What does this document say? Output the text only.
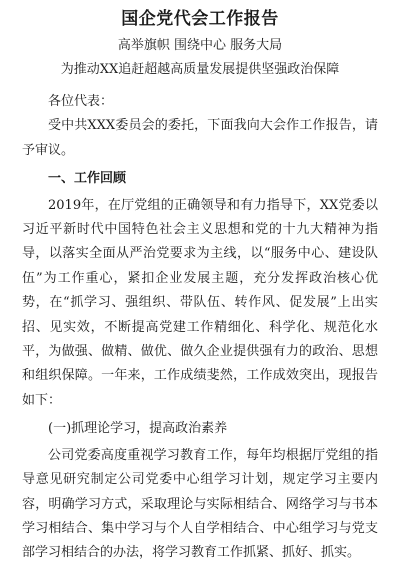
国企党代会工作报告
高举旗帜 围绕中心 服务大局
为推动XX追赶超越高质量发展提供坚强政治保障

各位代表：

受中共XXX委员会的委托，下面我向大会作工作报告，请予审议。

一、工作回顾

2019年，在厅党组的正确领导和有力指导下，XX党委以习近平新时代中国特色社会主义思想和党的十九大精神为指导，以落实全面从严治党要求为主线，以“服务中心、建设队伍”为工作重心，紧扣企业发展主题，充分发挥政治核心优势，在“抓学习、强组织、带队伍、转作风、促发展”上出实招、见实效，不断提高党建工作精细化、科学化、规范化水平，为做强、做精、做优、做久企业提供强有力的政治、思想和组织保障。一年来，工作成绩斐然，工作成效突出，现报告如下：

(一)抓理论学习，提高政治素养

公司党委高度重视学习教育工作，每年均根据厅党组的指导意见研究制定公司党委中心组学习计划，规定学习主要内容，明确学习方式，采取理论与实际相结合、网络学习与书本学习相结合、集中学习与个人自学相结合、中心组学习与党支部学习相结合的办法，将学习教育工作抓紧、抓好、抓实。
